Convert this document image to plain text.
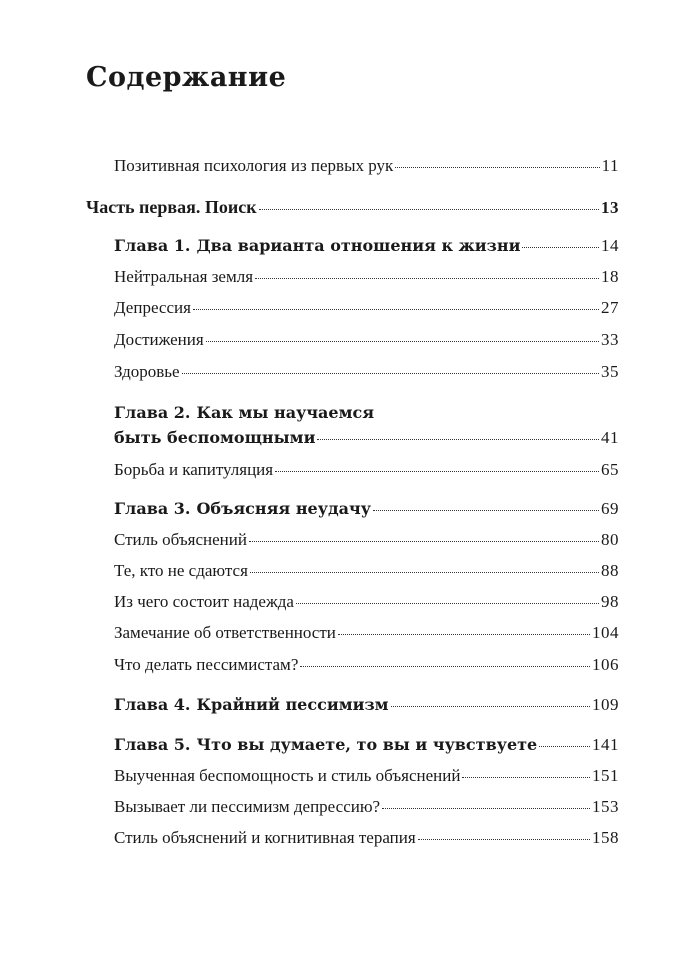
Содержание
Позитивная психология из первых рук	11
Часть первая. Поиск	13
Глава 1. Два варианта отношения к жизни	14
Нейтральная земля	18
Депрессия	27
Достижения	33
Здоровье	35
Глава 2. Как мы научаемся
быть беспомощными	41
Борьба и капитуляция	65
Глава 3. Объясняя неудачу	69
Стиль объяснений	80
Те, кто не сдаются	88
Из чего состоит надежда	98
Замечание об ответственности	104
Что делать пессимистам?	106
Глава 4. Крайний пессимизм	109
Глава 5. Что вы думаете, то вы и чувствуете	141
Выученная беспомощность и стиль объяснений	151
Вызывает ли пессимизм депрессию?	153
Стиль объяснений и когнитивная терапия	158
